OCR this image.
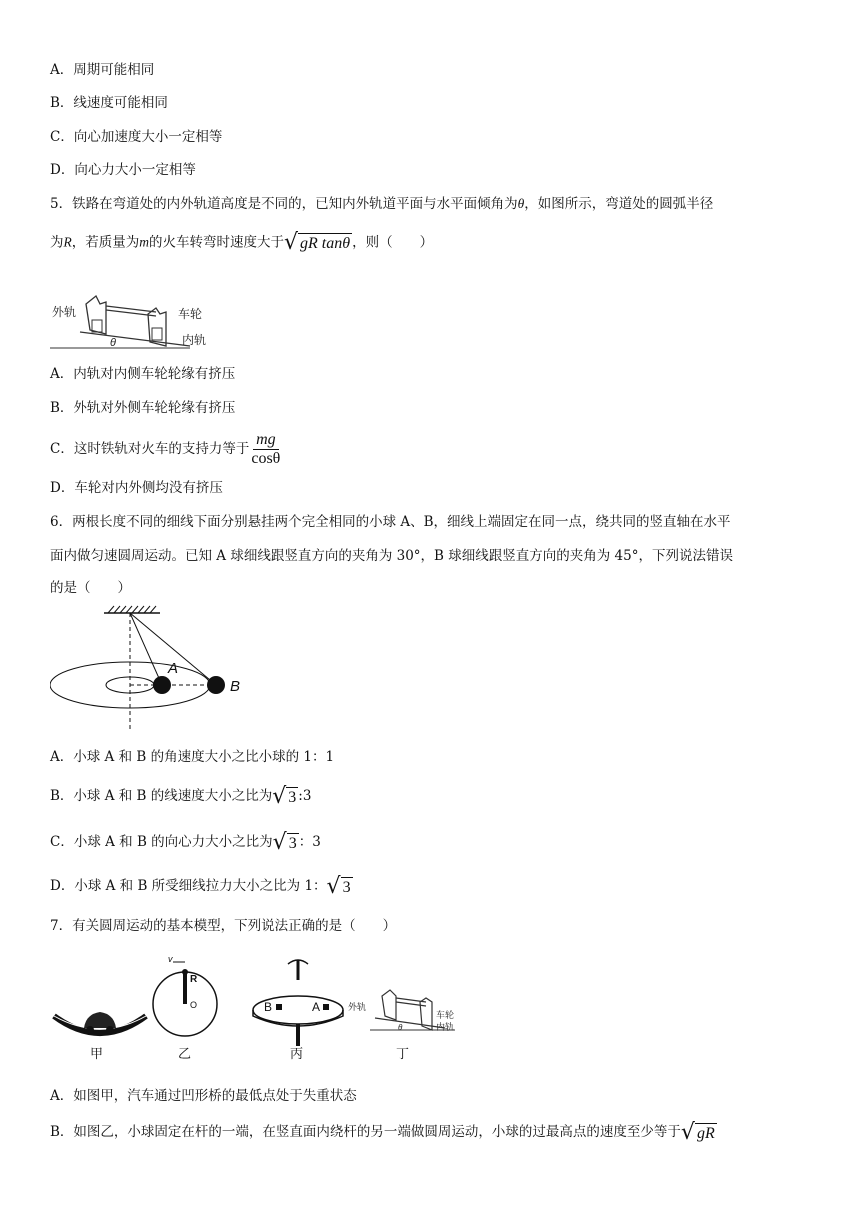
A．周期可能相同
B．线速度可能相同
C．向心加速度大小一定相等
D．向心力大小一定相等
5．铁路在弯道处的内外轨道高度是不同的，已知内外轨道平面与水平面倾角为θ，如图所示，弯道处的圆弧半径
为R，若质量为m的火车转弯时速度大于 √ gR tanθ ，则（　　）
外轨	车轮
内轨
θ
A．内轨对内侧车轮轮缘有挤压
B．外轨对外侧车轮轮缘有挤压
C．这时铁轨对火车的支持力等于 $\frac{mg}{\cos\theta}$
D．车轮对内外侧均没有挤压
6．两根长度不同的细线下面分别悬挂两个完全相同的小球 A、B，细线上端固定在同一点，绕共同的竖直轴在水平
面内做匀速圆周运动。已知 A 球细线跟竖直方向的夹角为 30°，B 球细线跟竖直方向的夹角为 45°，下列说法错误
的是（　　）
A
B
A．小球 A 和 B 的角速度大小之比小球的 1：1
B．小球 A 和 B 的线速度大小之比为 √ 3 :3
C．小球 A 和 B 的向心力大小之比为 √ 3 ：3
D．小球 A 和 B 所受细线拉力大小之比为 1： √ 3
7．有关圆周运动的基本模型，下列说法正确的是（　　）
甲
v
R
O
乙
B	A
丙
外轨
车轮
内轨
θ
丁
A．如图甲，汽车通过凹形桥的最低点处于失重状态
B．如图乙，小球固定在杆的一端，在竖直面内绕杆的另一端做圆周运动，小球的过最高点的速度至少等于 √ gR
